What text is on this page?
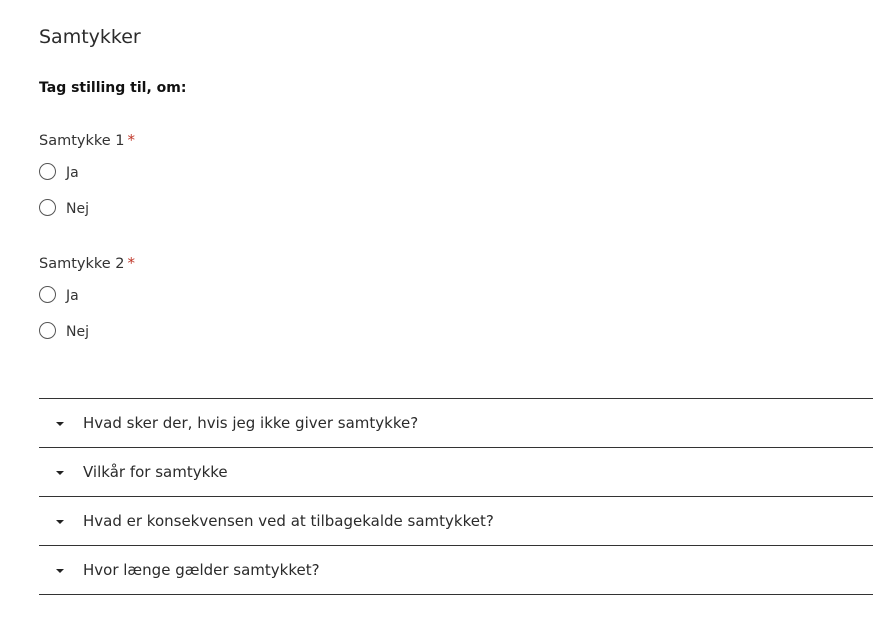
Samtykker
Tag stilling til, om:
Samtykke 1 *
Ja
Nej
Samtykke 2 *
Ja
Nej
Hvad sker der, hvis jeg ikke giver samtykke?
Vilkår for samtykke
Hvad er konsekvensen ved at tilbagekalde samtykket?
Hvor længe gælder samtykket?
